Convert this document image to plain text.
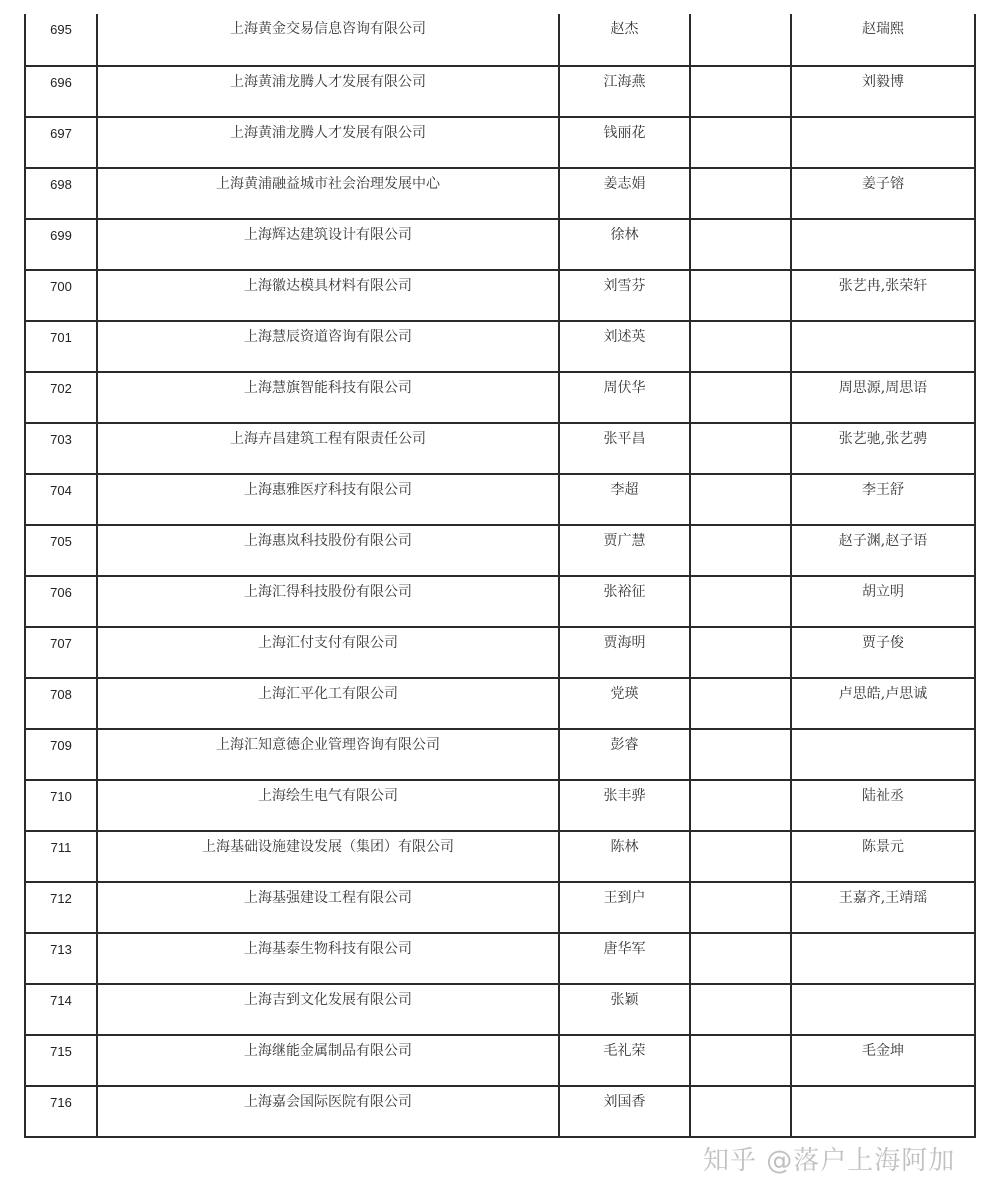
695	上海黄金交易信息咨询有限公司	赵杰		赵瑞熙

696	上海黄浦龙腾人才发展有限公司	江海燕		刘毅博

697	上海黄浦龙腾人才发展有限公司	钱丽花		

698	上海黄浦融益城市社会治理发展中心	姜志娟		姜子镕

699	上海辉达建筑设计有限公司	徐林		

700	上海徽达模具材料有限公司	刘雪芬		张艺冉,张荣轩

701	上海慧辰资道咨询有限公司	刘述英		

702	上海慧旗智能科技有限公司	周伏华		周思源,周思语

703	上海卉昌建筑工程有限责任公司	张平昌		张艺驰,张艺骋

704	上海惠雅医疗科技有限公司	李超		李王舒

705	上海惠岚科技股份有限公司	贾广慧		赵子渊,赵子语

706	上海汇得科技股份有限公司	张裕征		胡立明

707	上海汇付支付有限公司	贾海明		贾子俊

708	上海汇平化工有限公司	党瑛		卢思皓,卢思诚

709	上海汇知意德企业管理咨询有限公司	彭睿		

710	上海绘生电气有限公司	张丰骅		陆祉丞

711	上海基础设施建设发展（集团）有限公司	陈林		陈景元

712	上海基强建设工程有限公司	王到户		王嘉齐,王靖瑶

713	上海基泰生物科技有限公司	唐华军		

714	上海吉到文化发展有限公司	张颖		

715	上海继能金属制品有限公司	毛礼荣		毛金坤

716	上海嘉会国际医院有限公司	刘国香		

知乎 @落户上海阿加
